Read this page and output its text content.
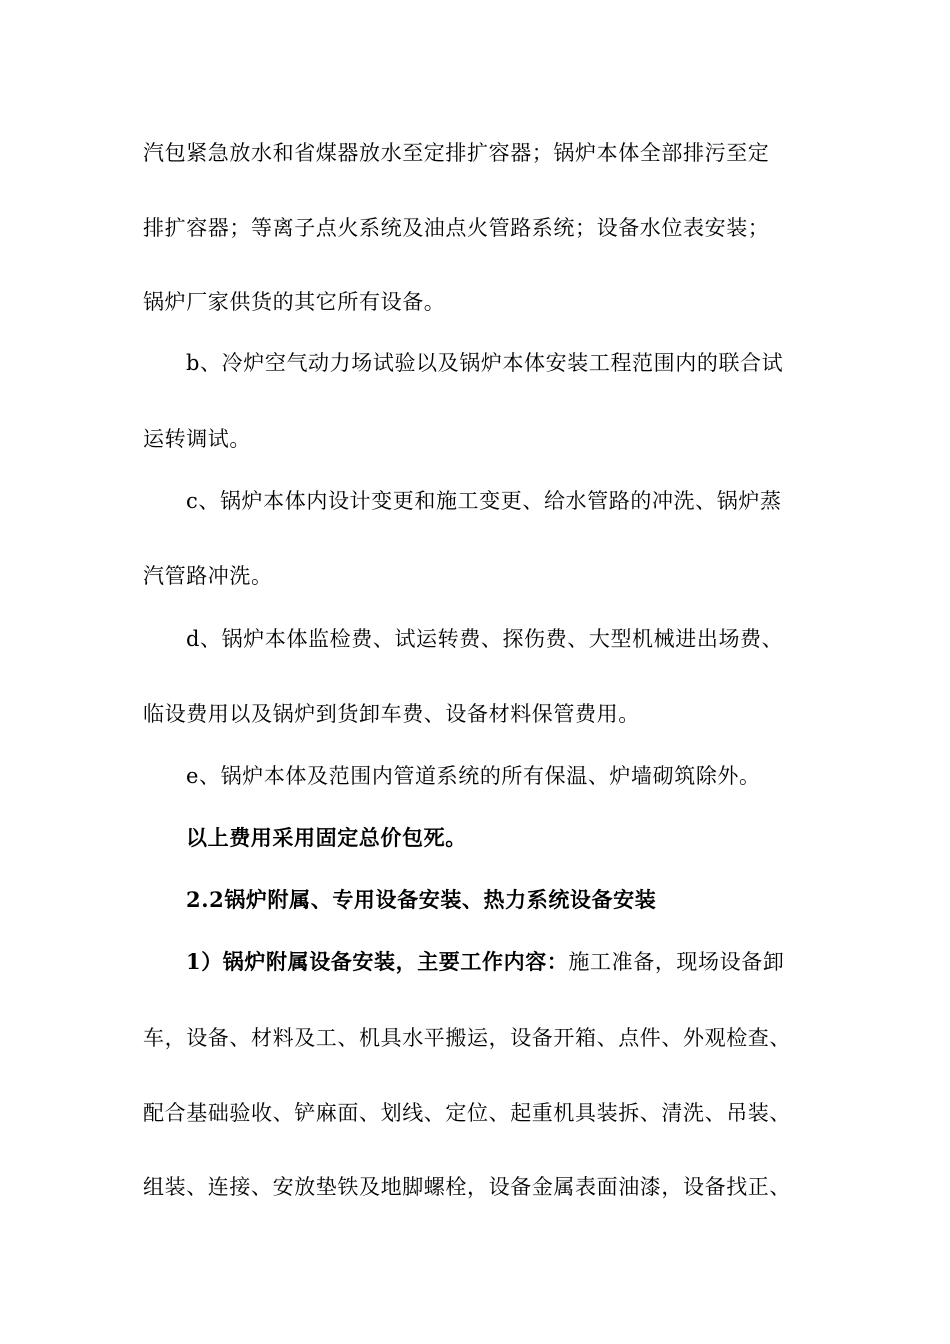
汽包紧急放水和省煤器放水至定排扩容器；锅炉本体全部排污至定
排扩容器；等离子点火系统及油点火管路系统；设备水位表安装；
锅炉厂家供货的其它所有设备。
b、冷炉空气动力场试验以及锅炉本体安装工程范围内的联合试
运转调试。
c、锅炉本体内设计变更和施工变更、给水管路的冲洗、锅炉蒸
汽管路冲洗。
d、锅炉本体监检费、试运转费、探伤费、大型机械进出场费、
临设费用以及锅炉到货卸车费、设备材料保管费用。
e、锅炉本体及范围内管道系统的所有保温、炉墙砌筑除外。
以上费用采用固定总价包死。
2.2锅炉附属、专用设备安装、热力系统设备安装
1）锅炉附属设备安装，主要工作内容：施工准备，现场设备卸
车，设备、材料及工、机具水平搬运，设备开箱、点件、外观检查、
配合基础验收、铲麻面、划线、定位、起重机具装拆、清洗、吊装、
组装、连接、安放垫铁及地脚螺栓，设备金属表面油漆，设备找正、
